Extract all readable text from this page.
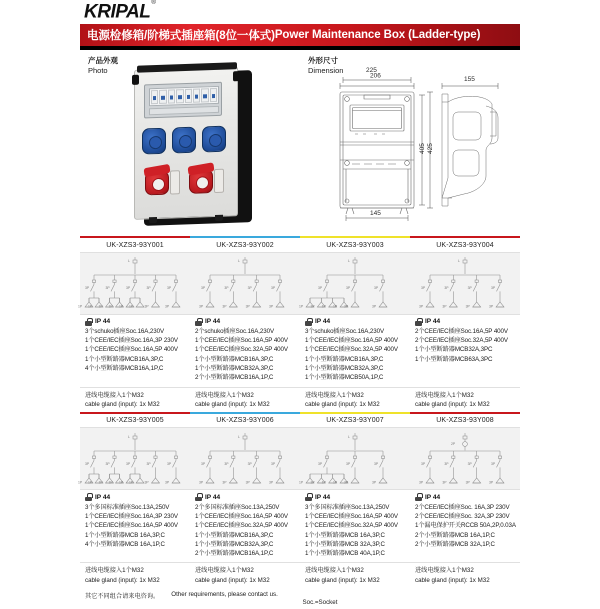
KRIPAL®
电源检修箱/阶梯式插座箱(8位一体式) Power Maintenance Box (Ladder-type)
产品外观
Photo
外形尺寸
Dimension
206
405 425
145
155
225
UK-XZS3-93Y001
L
3P	3P	3P	3P	3P
1P 1P 1P 1P 1P 1P	3P	3P
IP 44
3个schuko插座Soc.16A,230V
1个CEE/IEC插座Soc.16A,3P 230V
1个CEE/IEC插座Soc.16A,5P 400V
1个小型断路器MCB16A,3P,C
4个小型断路器MCB16A,1P,C
进线电缆接入1个M32
cable gland (input): 1x M32
UK-XZS3-93Y002
L
3P	3P	3P	3P
3P	3P	3P	3P
IP 44
2个schuko插座Soc.16A,230V
1个CEE/IEC插座Soc.16A,5P 400V
1个CEE/IEC插座Soc.32A,5P 400V
1个小型断路器MCB16A,3P,C
1个小型断路器MCB32A,3P,C
2个小型断路器MCB16A,1P,C
进线电缆接入1个M32
cable gland (input): 1x M32
UK-XZS3-93Y003
L
3P	3P	3P
1P 1P 1P 1P 3P	3P
IP 44
3个schuko插座Soc.16A,230V
1个CEE/IEC插座Soc.16A,5P 400V
1个CEE/IEC插座Soc.32A,5P 400V
1个小型断路器MCB16A,3P,C
1个小型断路器MCB32A,3P,C
1个小型断路器MCB50A,1P,C
进线电缆接入1个M32
cable gland (input): 1x M32
UK-XZS3-93Y004
L
3P	3P	3P	3P
3P	3P	3P	3P
IP 44
2个CEE/IEC插座Soc.16A,5P 400V
2个CEE/IEC插座Soc.32A,5P 400V
1个小型断路器MCB32A,3PC
1个小型断路器MCB63A,3PC
进线电缆接入1个M32
cable gland (input): 1x M32
UK-XZS3-93Y005
L
3P	3P	3P	3P	3P
1P 1P 1P 1P 1P 1P	3P	3P
IP 44
3个多国标准插座Soc.13A,250V
1个CEE/IEC插座Soc.16A,3P 230V
1个CEE/IEC插座Soc.16A,5P 400V
1个小型断路器MCB 16A,3P,C
4个小型断路器MCB 16A,1P,C
进线电缆接入1个M32
cable gland (input): 1x M32
UK-XZS3-93Y006
L
3P	3P	3P	3P
3P	3P	3P	3P
IP 44
2个多国标准插座Soc.13A,250V
1个CEE/IEC插座Soc.16A,5P 400V
1个CEE/IEC插座Soc.32A,5P 400V
1个小型断路器MCB16A,3P,C
1个小型断路器MCB32A,3P,C
2个小型断路器MCB16A,1P,C
进线电缆接入1个M32
cable gland (input): 1x M32
UK-XZS3-93Y007
L
3P	3P	3P
1P 1P 1P 1P 3P	3P
IP 44
3个多国标准插座Soc.13A,250V
1个CEE/IEC插座Soc.16A,5P 400V
1个CEE/IEC插座Soc.32A,5P 400V
1个小型断路器MCB 16A,3P,C
1个小型断路器MCB 32A,3P,C
1个小型断路器MCB 40A,1P,C
进线电缆接入1个M32
cable gland (input): 1x M32
UK-XZS3-93Y008
2P
3P	3P	3P	3P
3P	3P	3P	3P
IP 44
2个CEE/IEC插座Soc. 16A,3P 230V
2个CEE/IEC插座Soc. 32A,3P 230V
1个漏电保护开关RCCB 50A,2P,0.03A
2个小型断路器MCB 16A,1P,C
2个小型断路器MCB 32A,1P,C
进线电缆接入1个M32
cable gland (input): 1x M32
其它不同组合请来电咨询。 Other requirements, please contact us.
Soc.=Socket
